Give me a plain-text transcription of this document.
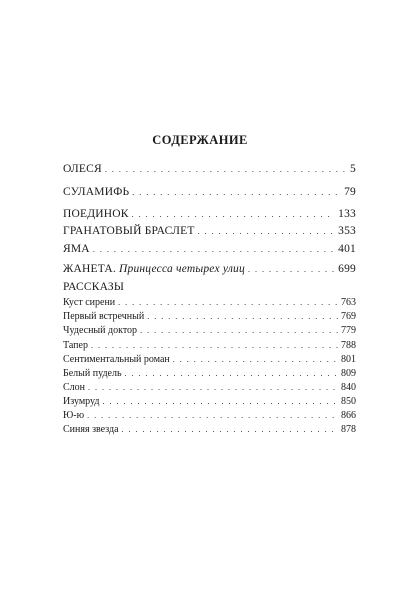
СОДЕРЖАНИЕ
ОЛЕСЯ . . .	5
СУЛАМИФЬ . . .	79
ПОЕДИНОК . . .	133
ГРАНАТОВЫЙ БРАСЛЕТ . . .	353
ЯМА . . .	401
ЖАНЕТА. Принцесса четырех улиц . . .	699
РАССКАЗЫ
Куст сирени . . .	763
Первый встречный . . .	769
Чудесный доктор . . .	779
Тапер . . .	788
Сентиментальный роман . . .	801
Белый пудель . . .	809
Слон . . .	840
Изумруд . . .	850
Ю-ю . . .	866
Синяя звезда . . .	878
